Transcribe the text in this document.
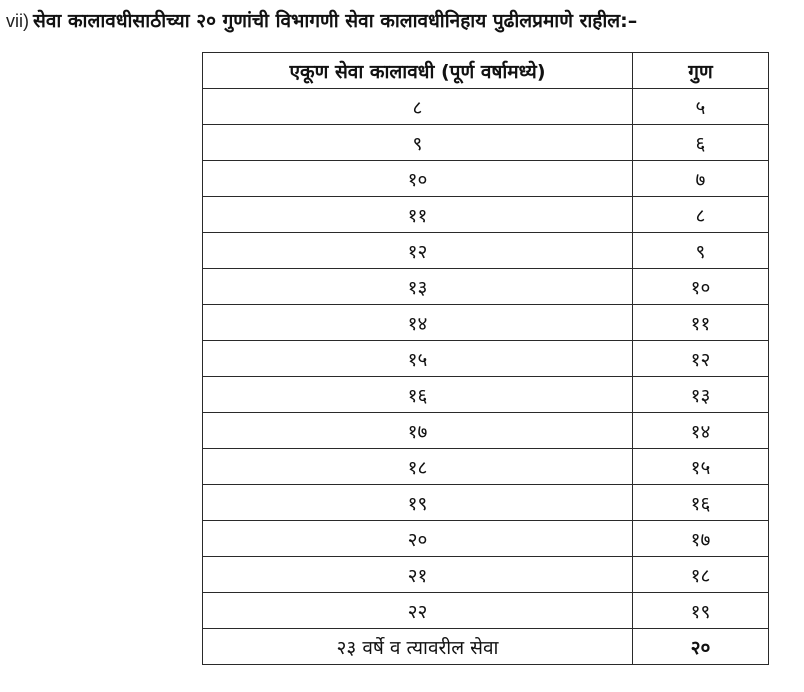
vii) सेवा कालावधीसाठीच्या २० गुणांची विभागणी सेवा कालावधीनिहाय पुढीलप्रमाणे राहील:–
एकूण सेवा कालावधी (पूर्ण वर्षामध्ये)	गुण
८	५
९	६
१०	७
११	८
१२	९
१३	१०
१४	११
१५	१२
१६	१३
१७	१४
१८	१५
१९	१६
२०	१७
२१	१८
२२	१९
२३ वर्षे व त्यावरील सेवा	२०
